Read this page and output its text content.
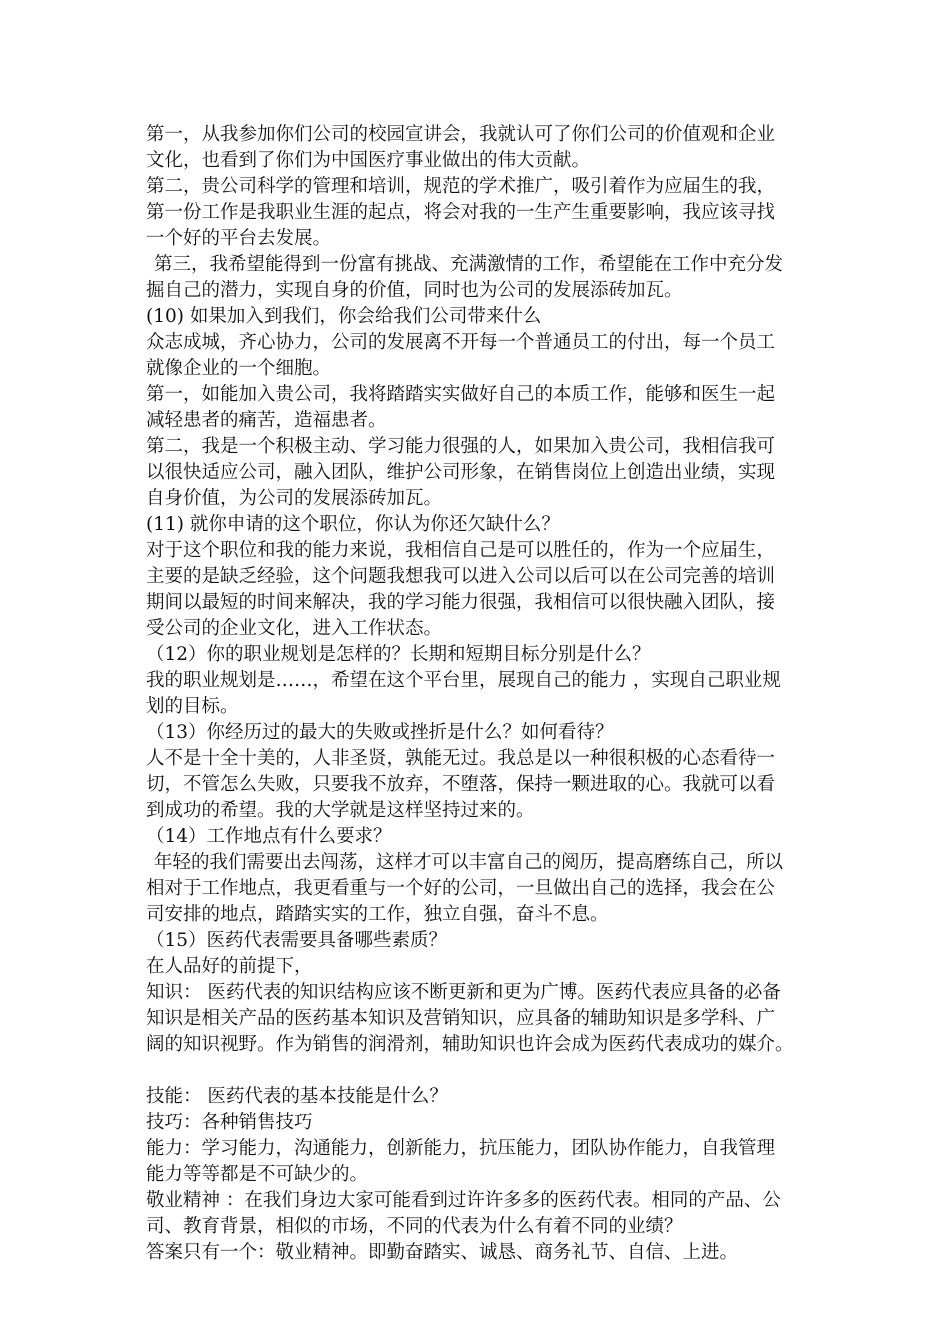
第一，从我参加你们公司的校园宣讲会，我就认可了你们公司的价值观和企业
文化，也看到了你们为中国医疗事业做出的伟大贡献。
第二，贵公司科学的管理和培训，规范的学术推广，吸引着作为应届生的我，
第一份工作是我职业生涯的起点，将会对我的一生产生重要影响，我应该寻找
一个好的平台去发展。
第三，我希望能得到一份富有挑战、充满激情的工作，希望能在工作中充分发
掘自己的潜力，实现自身的价值，同时也为公司的发展添砖加瓦。
(10) 如果加入到我们，你会给我们公司带来什么
众志成城，齐心协力，公司的发展离不开每一个普通员工的付出，每一个员工
就像企业的一个细胞。
第一，如能加入贵公司，我将踏踏实实做好自己的本质工作，能够和医生一起
减轻患者的痛苦，造福患者。
第二，我是一个积极主动、学习能力很强的人，如果加入贵公司，我相信我可
以很快适应公司，融入团队，维护公司形象，在销售岗位上创造出业绩，实现
自身价值，为公司的发展添砖加瓦。
(11) 就你申请的这个职位，你认为你还欠缺什么？
对于这个职位和我的能力来说，我相信自己是可以胜任的，作为一个应届生，
主要的是缺乏经验，这个问题我想我可以进入公司以后可以在公司完善的培训
期间以最短的时间来解决，我的学习能力很强，我相信可以很快融入团队，接
受公司的企业文化，进入工作状态。
（12）你的职业规划是怎样的？长期和短期目标分别是什么？
我的职业规划是……，希望在这个平台里，展现自己的能力 ，实现自己职业规
划的目标。
（13）你经历过的最大的失败或挫折是什么？如何看待？
人不是十全十美的，人非圣贤，孰能无过。我总是以一种很积极的心态看待一
切，不管怎么失败，只要我不放弃，不堕落，保持一颗进取的心。我就可以看
到成功的希望。我的大学就是这样坚持过来的。
（14）工作地点有什么要求？
年轻的我们需要出去闯荡，这样才可以丰富自己的阅历，提高磨练自己，所以
相对于工作地点，我更看重与一个好的公司，一旦做出自己的选择，我会在公
司安排的地点，踏踏实实的工作，独立自强，奋斗不息。
（15）医药代表需要具备哪些素质？
在人品好的前提下，
知识： 医药代表的知识结构应该不断更新和更为广博。医药代表应具备的必备
知识是相关产品的医药基本知识及营销知识，应具备的辅助知识是多学科、广
阔的知识视野。作为销售的润滑剂，辅助知识也许会成为医药代表成功的媒介。
技能： 医药代表的基本技能是什么？
技巧：各种销售技巧
能力：学习能力，沟通能力，创新能力，抗压能力，团队协作能力，自我管理
能力等等都是不可缺少的。
敬业精神 ：在我们身边大家可能看到过许许多多的医药代表。相同的产品、公
司、教育背景，相似的市场，不同的代表为什么有着不同的业绩？
答案只有一个：敬业精神。即勤奋踏实、诚恳、商务礼节、自信、上进。
